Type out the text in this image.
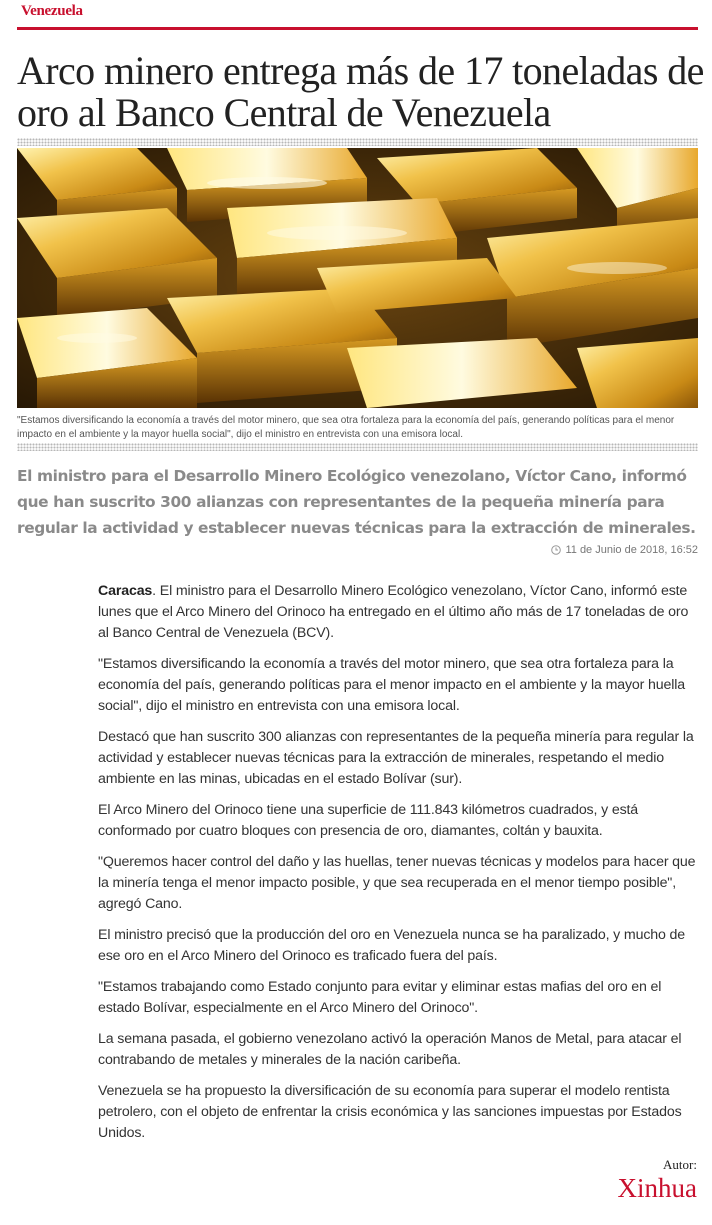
Venezuela
Arco minero entrega más de 17 toneladas de oro al Banco Central de Venezuela

"Estamos diversificando la economía a través del motor minero, que sea otra fortaleza para la economía del país, generando políticas para el menor impacto en el ambiente y la mayor huella social", dijo el ministro en entrevista con una emisora local.

El ministro para el Desarrollo Minero Ecológico venezolano, Víctor Cano, informó que han suscrito 300 alianzas con representantes de la pequeña minería para regular la actividad y establecer nuevas técnicas para la extracción de minerales.

11 de Junio de 2018, 16:52

Caracas. El ministro para el Desarrollo Minero Ecológico venezolano, Víctor Cano, informó este lunes que el Arco Minero del Orinoco ha entregado en el último año más de 17 toneladas de oro al Banco Central de Venezuela (BCV).

"Estamos diversificando la economía a través del motor minero, que sea otra fortaleza para la economía del país, generando políticas para el menor impacto en el ambiente y la mayor huella social", dijo el ministro en entrevista con una emisora local.

Destacó que han suscrito 300 alianzas con representantes de la pequeña minería para regular la actividad y establecer nuevas técnicas para la extracción de minerales, respetando el medio ambiente en las minas, ubicadas en el estado Bolívar (sur).

El Arco Minero del Orinoco tiene una superficie de 111.843 kilómetros cuadrados, y está conformado por cuatro bloques con presencia de oro, diamantes, coltán y bauxita.

"Queremos hacer control del daño y las huellas, tener nuevas técnicas y modelos para hacer que la minería tenga el menor impacto posible, y que sea recuperada en el menor tiempo posible", agregó Cano.

El ministro precisó que la producción del oro en Venezuela nunca se ha paralizado, y mucho de ese oro en el Arco Minero del Orinoco es traficado fuera del país.

"Estamos trabajando como Estado conjunto para evitar y eliminar estas mafias del oro en el estado Bolívar, especialmente en el Arco Minero del Orinoco".

La semana pasada, el gobierno venezolano activó la operación Manos de Metal, para atacar el contrabando de metales y minerales de la nación caribeña.

Venezuela se ha propuesto la diversificación de su economía para superar el modelo rentista petrolero, con el objeto de enfrentar la crisis económica y las sanciones impuestas por Estados Unidos.

Autor:
Xinhua
